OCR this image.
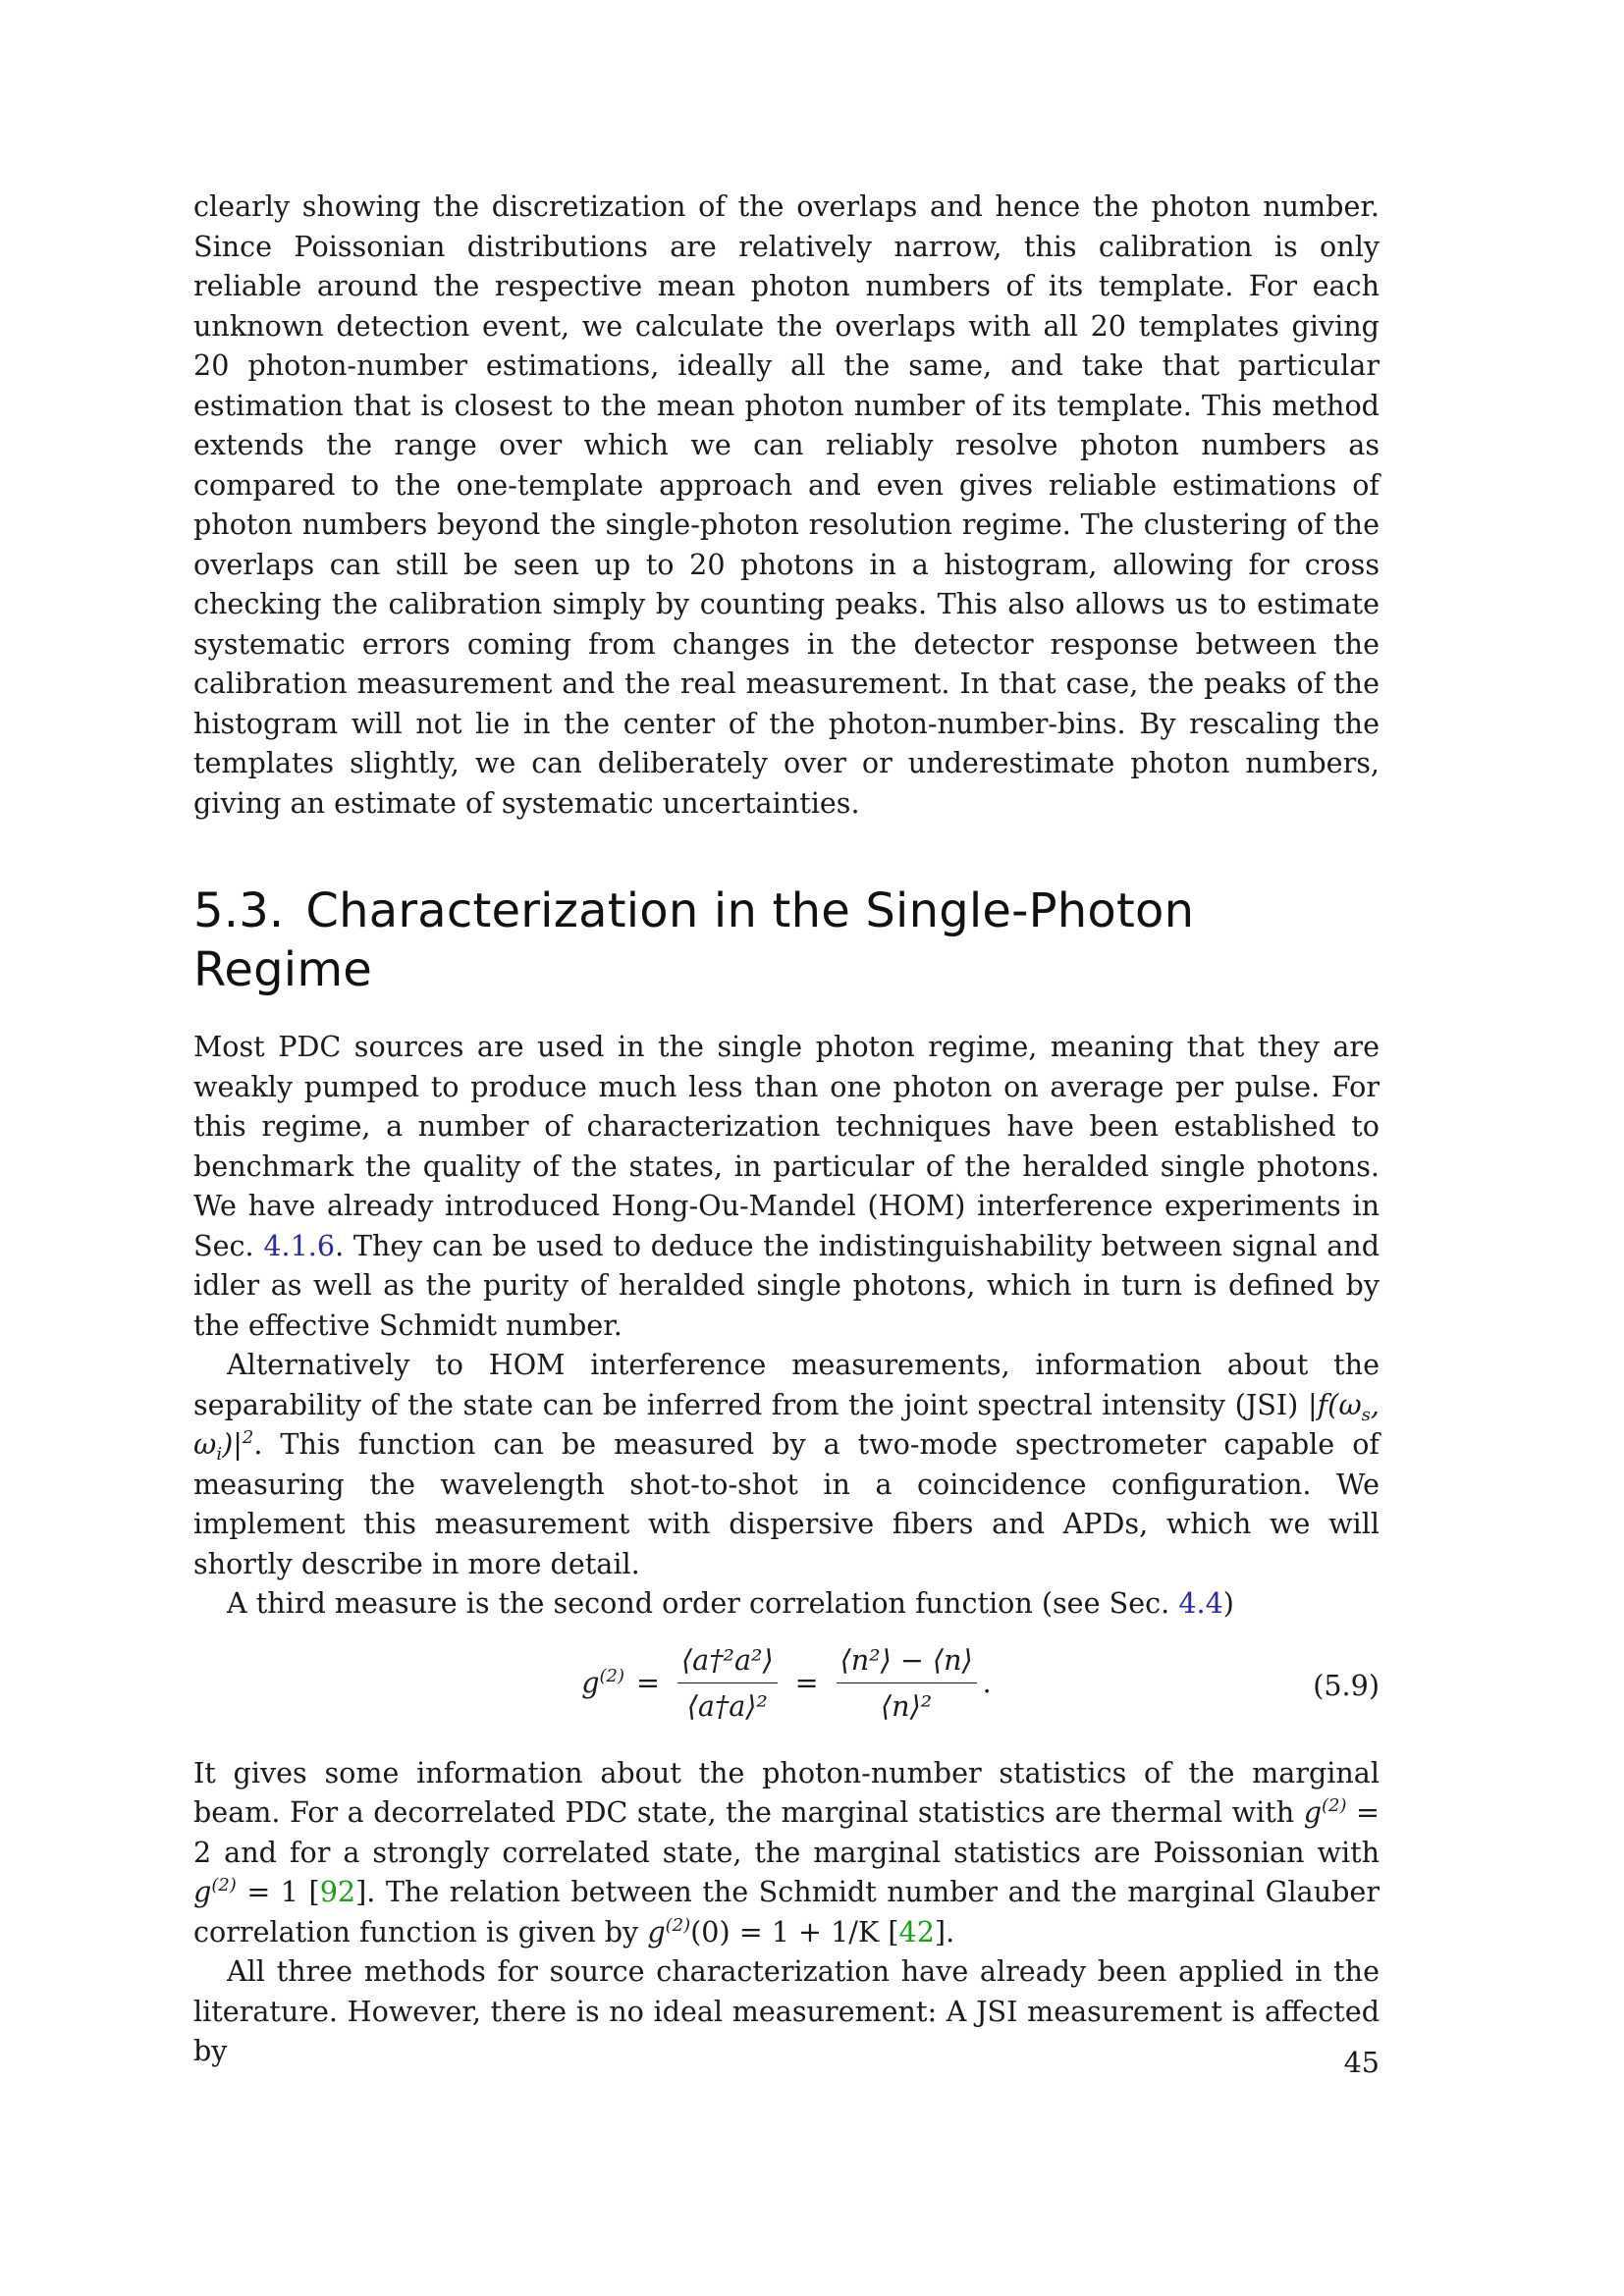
clearly showing the discretization of the overlaps and hence the photon number. Since Poissonian distributions are relatively narrow, this calibration is only reliable around the respective mean photon numbers of its template. For each unknown detection event, we calculate the overlaps with all 20 templates giving 20 photon-number estimations, ideally all the same, and take that particular estimation that is closest to the mean photon number of its template. This method extends the range over which we can reliably resolve photon numbers as compared to the one-template approach and even gives reliable estimations of photon numbers beyond the single-photon resolution regime. The clustering of the overlaps can still be seen up to 20 photons in a histogram, allowing for cross checking the calibration simply by counting peaks. This also allows us to estimate systematic errors coming from changes in the detector response between the calibration measurement and the real measurement. In that case, the peaks of the histogram will not lie in the center of the photon-number-bins. By rescaling the templates slightly, we can deliberately over or underestimate photon numbers, giving an estimate of systematic uncertainties.

5.3. Characterization in the Single-Photon Regime

Most PDC sources are used in the single photon regime, meaning that they are weakly pumped to produce much less than one photon on average per pulse. For this regime, a number of characterization techniques have been established to benchmark the quality of the states, in particular of the heralded single photons. We have already introduced Hong-Ou-Mandel (HOM) interference experiments in Sec. 4.1.6. They can be used to deduce the indistinguishability between signal and idler as well as the purity of heralded single photons, which in turn is defined by the effective Schmidt number.

Alternatively to HOM interference measurements, information about the separability of the state can be inferred from the joint spectral intensity (JSI) $|f(\omega_s$, $\omega_i)|^2$. This function can be measured by a two-mode spectrometer capable of measuring the wavelength shot-to-shot in a coincidence configuration. We implement this measurement with dispersive fibers and APDs, which we will shortly describe in more detail.

A third measure is the second order correlation function (see Sec. 4.4)

$g^{(2)} = \frac{\text{⟨a†²a²⟩}}{\text{⟨a†a⟩²}} = \frac{\text{⟨n²⟩ − ⟨n⟩}}{\text{⟨n⟩²}}$ .	(5.9)

It gives some information about the photon-number statistics of the marginal beam. For a decorrelated PDC state, the marginal statistics are thermal with $g^{(2)} = 2$ and for a strongly correlated state, the marginal statistics are Poissonian with $g^{(2)} = 1$ [92]. The relation between the Schmidt number and the marginal Glauber correlation function is given by $g^{(2)}(0) = 1 + 1/K$ [42].

All three methods for source characterization have already been applied in the literature. However, there is no ideal measurement: A JSI measurement is affected by	45
